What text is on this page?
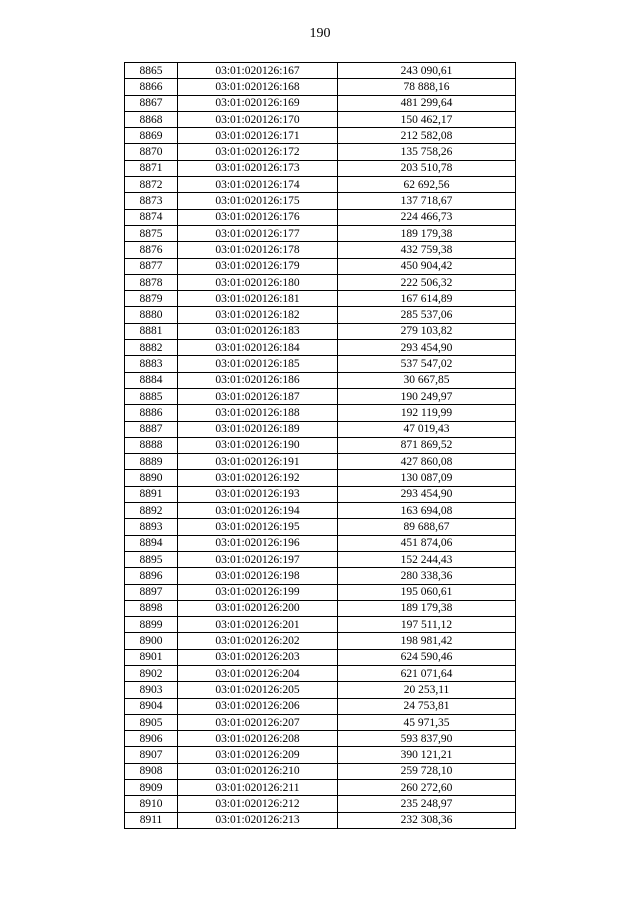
190
8865	03:01:020126:167	243 090,61
8866	03:01:020126:168	78 888,16
8867	03:01:020126:169	481 299,64
8868	03:01:020126:170	150 462,17
8869	03:01:020126:171	212 582,08
8870	03:01:020126:172	135 758,26
8871	03:01:020126:173	203 510,78
8872	03:01:020126:174	62 692,56
8873	03:01:020126:175	137 718,67
8874	03:01:020126:176	224 466,73
8875	03:01:020126:177	189 179,38
8876	03:01:020126:178	432 759,38
8877	03:01:020126:179	450 904,42
8878	03:01:020126:180	222 506,32
8879	03:01:020126:181	167 614,89
8880	03:01:020126:182	285 537,06
8881	03:01:020126:183	279 103,82
8882	03:01:020126:184	293 454,90
8883	03:01:020126:185	537 547,02
8884	03:01:020126:186	30 667,85
8885	03:01:020126:187	190 249,97
8886	03:01:020126:188	192 119,99
8887	03:01:020126:189	47 019,43
8888	03:01:020126:190	871 869,52
8889	03:01:020126:191	427 860,08
8890	03:01:020126:192	130 087,09
8891	03:01:020126:193	293 454,90
8892	03:01:020126:194	163 694,08
8893	03:01:020126:195	89 688,67
8894	03:01:020126:196	451 874,06
8895	03:01:020126:197	152 244,43
8896	03:01:020126:198	280 338,36
8897	03:01:020126:199	195 060,61
8898	03:01:020126:200	189 179,38
8899	03:01:020126:201	197 511,12
8900	03:01:020126:202	198 981,42
8901	03:01:020126:203	624 590,46
8902	03:01:020126:204	621 071,64
8903	03:01:020126:205	20 253,11
8904	03:01:020126:206	24 753,81
8905	03:01:020126:207	45 971,35
8906	03:01:020126:208	593 837,90
8907	03:01:020126:209	390 121,21
8908	03:01:020126:210	259 728,10
8909	03:01:020126:211	260 272,60
8910	03:01:020126:212	235 248,97
8911	03:01:020126:213	232 308,36
